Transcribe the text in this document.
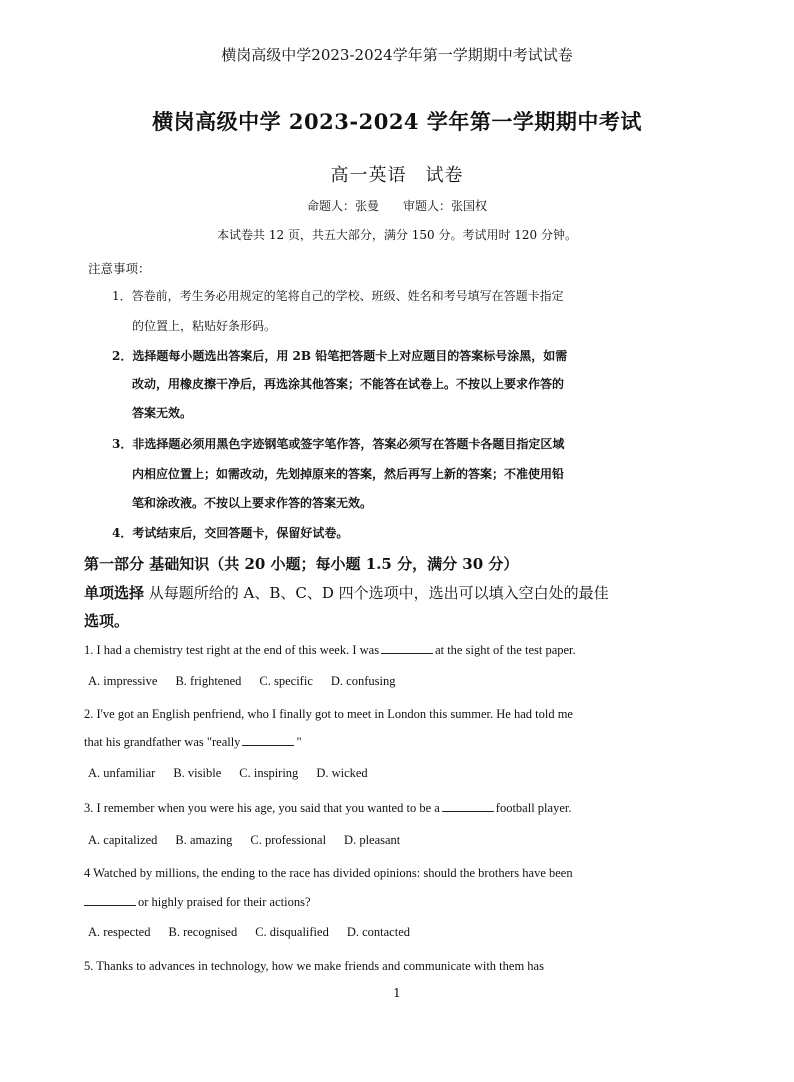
横岗高级中学2023-2024学年第一学期期中考试试卷
横岗高级中学 2023-2024 学年第一学期期中考试
高一英语　试卷
命题人：张曼　　审题人：张国权
本试卷共 12 页，共五大部分，满分 150 分。考试用时 120 分钟。
注意事项：
1．答卷前，考生务必用规定的笔将自己的学校、班级、姓名和考号填写在答题卡指定
的位置上，粘贴好条形码。
2．选择题每小题选出答案后，用 2B 铅笔把答题卡上对应题目的答案标号涂黑，如需
改动，用橡皮擦干净后，再选涂其他答案；不能答在试卷上。不按以上要求作答的
答案无效。
3．非选择题必须用黑色字迹钢笔或签字笔作答，答案必须写在答题卡各题目指定区域
内相应位置上；如需改动，先划掉原来的答案，然后再写上新的答案；不准使用铅
笔和涂改液。不按以上要求作答的答案无效。
4．考试结束后，交回答题卡，保留好试卷。
第一部分 基础知识（共 20 小题；每小题 1.5 分，满分 30 分）
单项选择 从每题所给的 A、B、C、D 四个选项中，选出可以填入空白处的最佳
选项。
1. I had a chemistry test right at the end of this week. I was	at the sight of the test paper.
A. impressive B. frightened C. specific D. confusing
2. I've got an English penfriend, who I finally got to meet in London this summer. He had told me
that his grandfather was "really	"
A. unfamiliar B. visible C. inspiring D. wicked
3. I remember when you were his age, you said that you wanted to be a	football player.
A. capitalized B. amazing C. professional D. pleasant
4 Watched by millions, the ending to the race has divided opinions: should the brothers have been
or highly praised for their actions?
A. respected B. recognised C. disqualified D. contacted
5. Thanks to advances in technology, how we make friends and communicate with them has
1
